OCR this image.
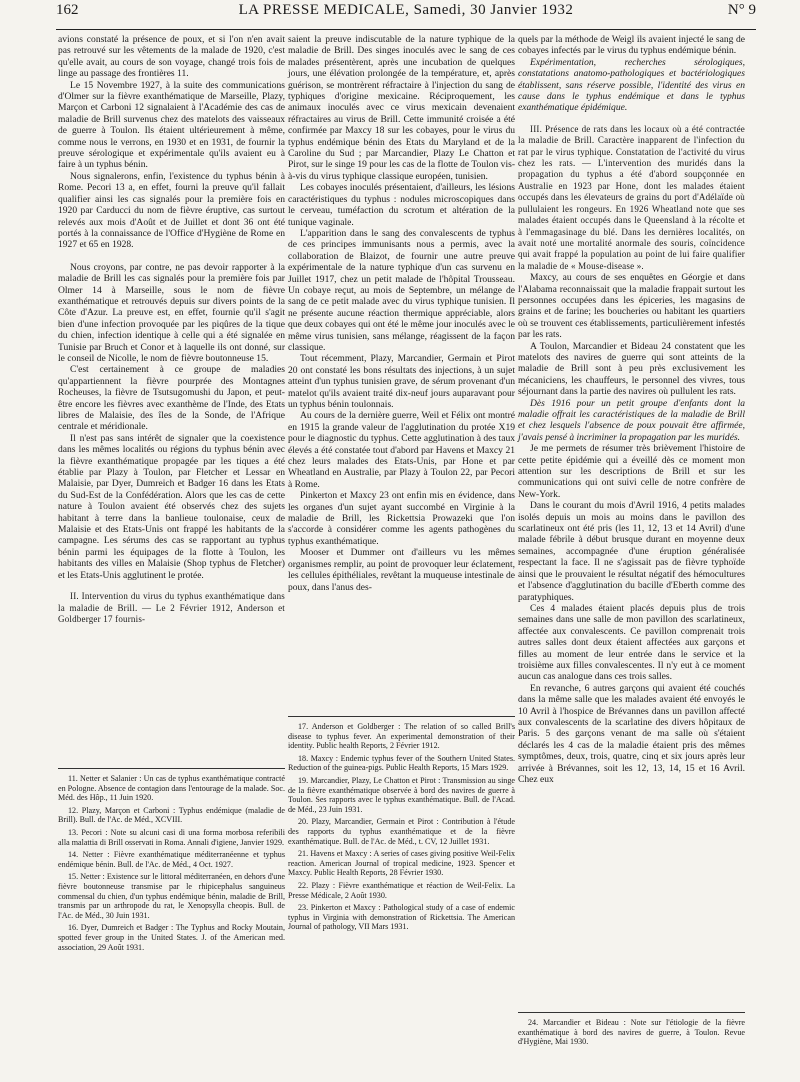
162	LA PRESSE MEDICALE, Samedi, 30 Janvier 1932	N° 9

avions constaté la présence de poux, et si l'on n'en avait pas retrouvé sur les vêtements de la malade de 1920, c'est qu'elle avait, au cours de son voyage, changé trois fois de linge au passage des frontières 11.

Le 15 Novembre 1927, à la suite des communications d'Olmer sur la fièvre exanthématique de Marseille, Plazy, Marçon et Carboni 12 signalaient à l'Académie des cas de maladie de Brill survenus chez des matelots des vaisseaux de guerre à Toulon. Ils étaient ultérieurement à même, comme nous le verrons, en 1930 et en 1931, de fournir la preuve sérologique et expérimentale qu'ils avaient eu à faire à un typhus bénin.

Nous signalerons, enfin, l'existence du typhus bénin à Rome. Pecori 13 a, en effet, fourni la preuve qu'il fallait qualifier ainsi les cas signalés pour la première fois en 1920 par Carducci du nom de fièvre éruptive, cas surtout relevés aux mois d'Août et de Juillet et dont 36 ont été portés à la connaissance de l'Office d'Hygiène de Rome en 1927 et 65 en 1928.

Nous croyons, par contre, ne pas devoir rapporter à la maladie de Brill les cas signalés pour la première fois par Olmer 14 à Marseille, sous le nom de fièvre exanthématique et retrouvés depuis sur divers points de la Côte d'Azur. La preuve est, en effet, fournie qu'il s'agit bien d'une infection provoquée par les piqûres de la tique du chien, infection identique à celle qui a été signalée en Tunisie par Bruch et Conor et à laquelle ils ont donné, sur le conseil de Nicolle, le nom de fièvre boutonneuse 15.

C'est certainement à ce groupe de maladies qu'appartiennent la fièvre pourprée des Montagnes Rocheuses, la fièvre de Tsutsugomushi du Japon, et peut-être encore les fièvres avec exanthème de l'Inde, des Etats libres de Malaisie, des îles de la Sonde, de l'Afrique centrale et méridionale.

Il n'est pas sans intérêt de signaler que la coexistence dans les mêmes localités ou régions du typhus bénin avec la fièvre exanthématique propagée par les tiques a été établie par Plazy à Toulon, par Fletcher et Lessar en Malaisie, par Dyer, Dumreich et Badger 16 dans les Etats du Sud-Est de la Confédération. Alors que les cas de cette nature à Toulon avaient été observés chez des sujets habitant à terre dans la banlieue toulonaise, ceux de Malaisie et des Etats-Unis ont frappé les habitants de la campagne. Les sérums des cas se rapportant au typhus bénin parmi les équipages de la flotte à Toulon, les habitants des villes en Malaisie (Shop typhus de Fletcher) et les Etats-Unis agglutinent le protée.

II. Intervention du virus du typhus exanthématique dans la maladie de Brill. — Le 2 Février 1912, Anderson et Goldberger 17 fournis-

11. Netter et Salanier : Un cas de typhus exanthématique contracté en Pologne. Absence de contagion dans l'entourage de la malade. Soc. Méd. des Hôp., 11 Juin 1920.

12. Plazy, Marçon et Carboni : Typhus endémique (maladie de Brill). Bull. de l'Ac. de Méd., XCVIII.

13. Pecori : Note su alcuni casi di una forma morbosa referibili alla malattia di Brill osservati in Roma. Annali d'igiene, Janvier 1929.

14. Netter : Fièvre exanthématique méditerranéenne et typhus endémique bénin. Bull. de l'Ac. de Méd., 4 Oct. 1927.

15. Netter : Existence sur le littoral méditerranéen, en dehors d'une fièvre boutonneuse transmise par le rhipicephalus sanguineus commensal du chien, d'un typhus endémique bénin, maladie de Brill, transmis par un arthropode du rat, le Xenopsylla cheopis. Bull. de l'Ac. de Méd., 30 Juin 1931.

16. Dyer, Dumreich et Badger : The Typhus and Rocky Moutain, spotted fever group in the United States. J. of the American med. association, 29 Août 1931.

saient la preuve indiscutable de la nature typhique de la maladie de Brill. Des singes inoculés avec le sang de ces malades présentèrent, après une incubation de quelques jours, une élévation prolongée de la température, et, après guérison, se montrèrent réfractaire à l'injection du sang de typhiques d'origine mexicaine. Réciproquement, les animaux inoculés avec ce virus mexicain devenaient réfractaires au virus de Brill. Cette immunité croisée a été confirmée par Maxcy 18 sur les cobayes, pour le virus du typhus endémique bénin des Etats du Maryland et de la Caroline du Sud ; par Marcandier, Plazy Le Chatton et Pirot, sur le singe 19 pour les cas de la flotte de Toulon vis-à-vis du virus typhique classique européen, tunisien.

Les cobayes inoculés présentaient, d'ailleurs, les lésions caractéristiques du typhus : nodules microscopiques dans le cerveau, tuméfaction du scrotum et altération de la tunique vaginale.

L'apparition dans le sang des convalescents de typhus de ces principes immunisants nous a permis, avec la collaboration de Blaizot, de fournir une autre preuve expérimentale de la nature typhique d'un cas survenu en Juillet 1917, chez un petit malade de l'hôpital Trousseau. Un cobaye reçut, au mois de Septembre, un mélange de sang de ce petit malade avec du virus typhique tunisien. Il ne présente aucune réaction thermique appréciable, alors que deux cobayes qui ont été le même jour inoculés avec le même virus tunisien, sans mélange, réagissent de la façon classique.

Tout récemment, Plazy, Marcandier, Germain et Pirot 20 ont constaté les bons résultats des injections, à un sujet atteint d'un typhus tunisien grave, de sérum provenant d'un matelot qu'ils avaient traité dix-neuf jours auparavant pour un typhus bénin toulonnais.

Au cours de la dernière guerre, Weil et Félix ont montré en 1915 la grande valeur de l'agglutination du protée X19 pour le diagnostic du typhus. Cette agglutination à des taux élevés a été constatée tout d'abord par Havens et Maxcy 21 chez leurs malades des Etats-Unis, par Hone et par Wheatland en Australie, par Plazy à Toulon 22, par Pecori à Rome.

Pinkerton et Maxcy 23 ont enfin mis en évidence, dans les organes d'un sujet ayant succombé en Virginie à la maladie de Brill, les Rickettsia Prowazeki que l'on s'accorde à considérer comme les agents pathogènes du typhus exanthématique.

Mooser et Dummer ont d'ailleurs vu les mêmes organismes remplir, au point de provoquer leur éclatement, les cellules épithéliales, revêtant la muqueuse intestinale de poux, dans l'anus des-

17. Anderson et Goldberger : The relation of so called Brill's disease to typhus fever. An experimental demonstration of their identity. Public health Reports, 2 Février 1912.

18. Maxcy : Endemic typhus fever of the Southern United States. Reduction of the guinea-pigs. Public Health Reports, 15 Mars 1929.

19. Marcandier, Plazy, Le Chatton et Pirot : Transmission au singe de la fièvre exanthématique observée à bord des navires de guerre à Toulon. Ses rapports avec le typhus exanthématique. Bull. de l'Acad. de Méd., 23 Juin 1931.

20. Plazy, Marcandier, Germain et Pirot : Contribution à l'étude des rapports du typhus exanthématique et de la fièvre exanthématique. Bull. de l'Ac. de Méd., t. CV, 12 Juillet 1931.

21. Havens et Maxcy : A series of cases giving positive Weil-Felix reaction. American Journal of tropical medicine, 1923. Spencer et Maxcy. Public Health Reports, 28 Février 1930.

22. Plazy : Fièvre exanthématique et réaction de Weil-Felix. La Presse Médicale, 2 Août 1930.

23. Pinkerton et Maxcy : Pathological study of a case of endemic typhus in Virginia with demonstration of Rickettsia. The American Journal of pathology, VII Mars 1931.

quels par la méthode de Weigl ils avaient injecté le sang de cobayes infectés par le virus du typhus endémique bénin.

Expérimentation, recherches sérologiques, constatations anatomo-pathologiques et bactériologiques établissent, sans réserve possible, l'identité des virus en cause dans le typhus endémique et dans le typhus exanthématique épidémique.

III. Présence de rats dans les locaux où a été contractée la maladie de Brill. Caractère inapparent de l'infection du rat par le virus typhique. Constatation de l'activité du virus chez les rats. — L'intervention des muridés dans la propagation du typhus a été d'abord soupçonnée en Australie en 1923 par Hone, dont les malades étaient occupés dans les élevateurs de grains du port d'Adélaïde où pullulaient les rongeurs. En 1926 Wheatland note que ses malades étaient occupés dans le Queensland à la récolte et à l'emmagasinage du blé. Dans les dernières localités, on avait noté une mortalité anormale des souris, coïncidence qui avait frappé la population au point de lui faire qualifier la maladie de « Mouse-disease ».

Maxcy, au cours de ses enquêtes en Géorgie et dans l'Alabama reconnaissait que la maladie frappait surtout les personnes occupées dans les épiceries, les magasins de grains et de farine; les boucheries ou habitant les quartiers où se trouvent ces établissements, particulièrement infestés par les rats.

A Toulon, Marcandier et Bideau 24 constatent que les matelots des navires de guerre qui sont atteints de la maladie de Brill sont à peu près exclusivement les mécaniciens, les chauffeurs, le personnel des vivres, tous séjournant dans la partie des navires où pullulent les rats.

Dès 1916 pour un petit groupe d'enfants dont la maladie offrait les caractéristiques de la maladie de Brill et chez lesquels l'absence de poux pouvait être affirmée, j'avais pensé à incriminer la propagation par les muridés.

Je me permets de résumer très brièvement l'histoire de cette petite épidémie qui a éveillé dès ce moment mon attention sur les descriptions de Brill et sur les communications qui ont suivi celle de notre confrère de New-York.

Dans le courant du mois d'Avril 1916, 4 petits malades isolés depuis un mois au moins dans le pavillon des scarlatineux ont été pris (les 11, 12, 13 et 14 Avril) d'une malade fébrile à début brusque durant en moyenne deux semaines, accompagnée d'une éruption généralisée respectant la face. Il ne s'agissait pas de fièvre typhoïde ainsi que le prouvaient le résultat négatif des hémocultures et l'absence d'agglutination du bacille d'Eberth comme des paratyphiques.

Ces 4 malades étaient placés depuis plus de trois semaines dans une salle de mon pavillon des scarlatineux, affectée aux convalescents. Ce pavillon comprenait trois autres salles dont deux étaient affectées aux garçons et filles au moment de leur entrée dans le service et la troisième aux filles convalescentes. Il n'y eut à ce moment aucun cas analogue dans ces trois salles.

En revanche, 6 autres garçons qui avaient été couchés dans la même salle que les malades avaient été envoyés le 10 Avril à l'hospice de Brévannes dans un pavillon affecté aux convalescents de la scarlatine des divers hôpitaux de Paris. 5 des garçons venant de ma salle où s'étaient déclarés les 4 cas de la maladie étaient pris des mêmes symptômes, deux, trois, quatre, cinq et six jours après leur arrivée à Brévannes, soit les 12, 13, 14, 15 et 16 Avril. Chez eux

24. Marcandier et Bideau : Note sur l'étiologie de la fièvre exanthématique à bord des navires de guerre, à Toulon. Revue d'Hygiène, Mai 1930.
